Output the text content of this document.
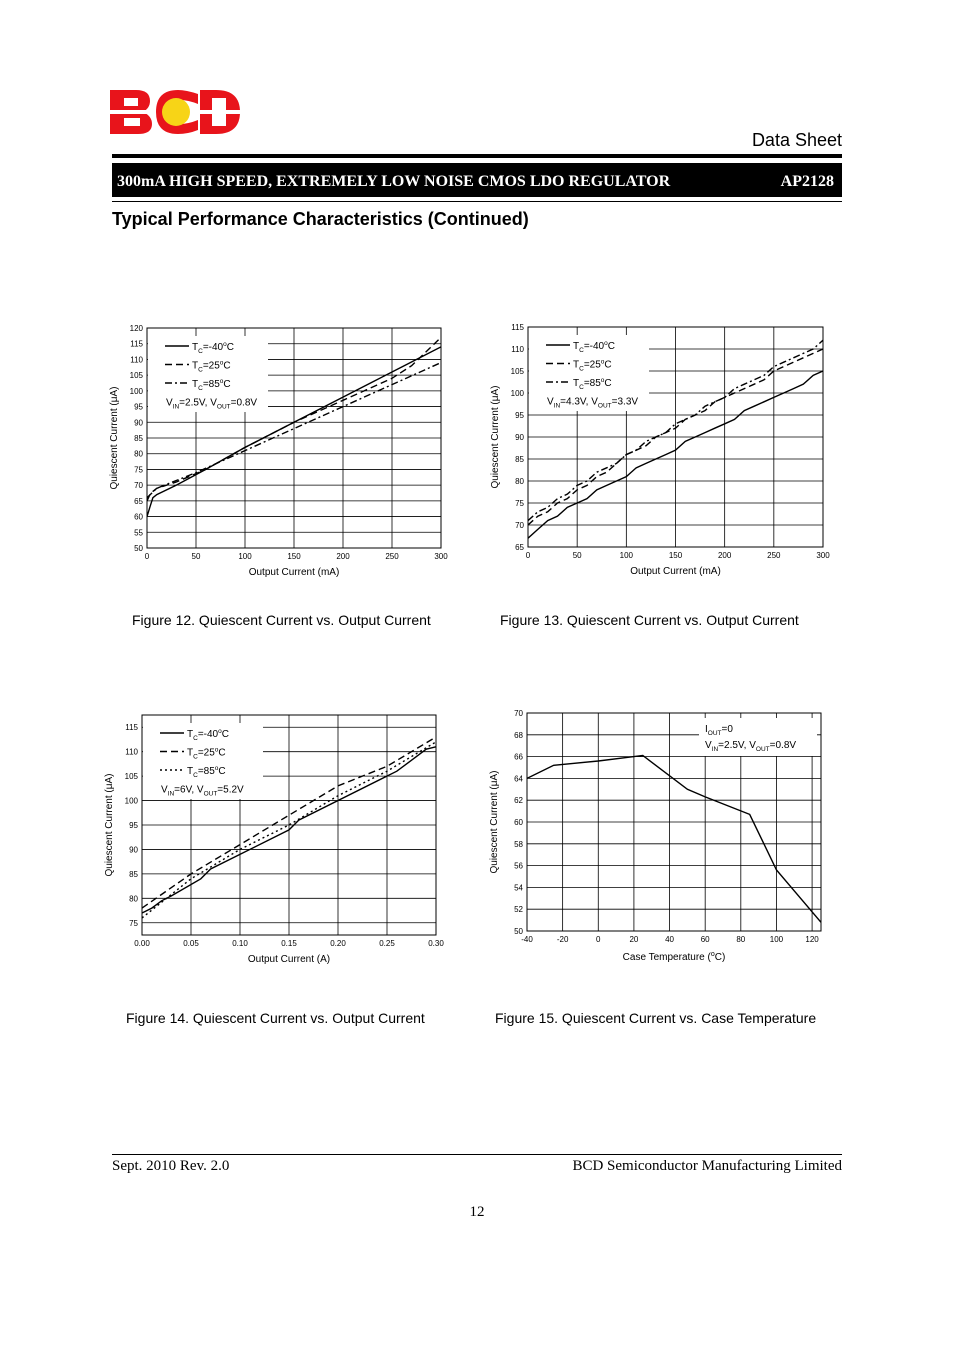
Data Sheet
300mA HIGH SPEED, EXTREMELY LOW NOISE CMOS LDO REGULATOR	AP2128
Typical Performance Characteristics (Continued)
0	50	100	150	200	250	300
50
55
60
65
70
75
80
85
90
95
100
105
110
115
120
Output Current (mA)
Quiescent Current (μA)
$T_C=-40^oC$
$T_C=25^oC$
$T_C=85^oC$
$V_{IN}=2.5V$, $V_{OUT}=0.8V$
Figure 12. Quiescent Current vs. Output Current
0	50	100	150	200	250	300
65
70
75
80
85
90
95
100
105
110
115
Output Current (mA)
Quiescent Current (μA)
$T_C=-40^oC$
$T_C=25^oC$
$T_C=85^oC$
$V_{IN}=4.3V$, $V_{OUT}=3.3V$
Figure 13. Quiescent Current vs. Output Current
0.00	0.05	0.10	0.15	0.20	0.25	0.30
75
80
85
90
95
100
105
110
115
Output Current (A)
Quiescent Current (μA)
$T_C=-40^oC$
$T_C=25^oC$
$T_C=85^oC$
$V_{IN}=6V$, $V_{OUT}=5.2V$
Figure 14. Quiescent Current vs. Output Current
-40	-20	0	20	40	60	80	100	120
50
52
54
56
58
60
62
64
66
68
70
Case Temperature ($^o$C)
Quiescent Current (μA)
$I_{OUT}=0$
$V_{IN}=2.5V$, $V_{OUT}=0.8V$
Figure 15. Quiescent Current vs. Case Temperature
Sept. 2010 Rev. 2.0	BCD Semiconductor Manufacturing Limited
12
